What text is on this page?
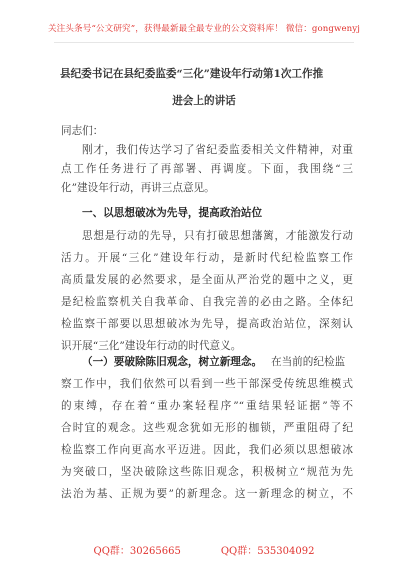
关注头条号“公文研究”，获得最新最全最专业的公文资料库！ 微信：gongwenyj
县纪委书记在县纪委监委“三化”建设年行动第1次工作推
进会上的讲话
同志们：
刚才，我们传达学习了省纪委监委相关文件精神，对重
点工作任务进行了再部署、再调度。下面，我围绕“三
化”建设年行动，再讲三点意见。
一、以思想破冰为先导，提高政治站位
思想是行动的先导，只有打破思想藩篱，才能激发行动
活力。开展“三化”建设年行动，是新时代纪检监察工作
高质量发展的必然要求，是全面从严治党的题中之义，更
是纪检监察机关自我革命、自我完善的必由之路。全体纪
检监察干部要以思想破冰为先导，提高政治站位，深刻认
识开展“三化”建设年行动的时代意义。
（一）要破除陈旧观念，树立新理念。 在当前的纪检监
察工作中，我们依然可以看到一些干部深受传统思维模式
的束缚，存在着“重办案轻程序”“重结果轻证据”等不
合时宜的观念。这些观念犹如无形的枷锁，严重阻碍了纪
检监察工作向更高水平迈进。因此，我们必须以思想破冰
为突破口，坚决破除这些陈旧观念，积极树立“规范为先
法治为基、正规为要”的新理念。这一新理念的树立，不
QQ群：30265665	QQ群：535304092
